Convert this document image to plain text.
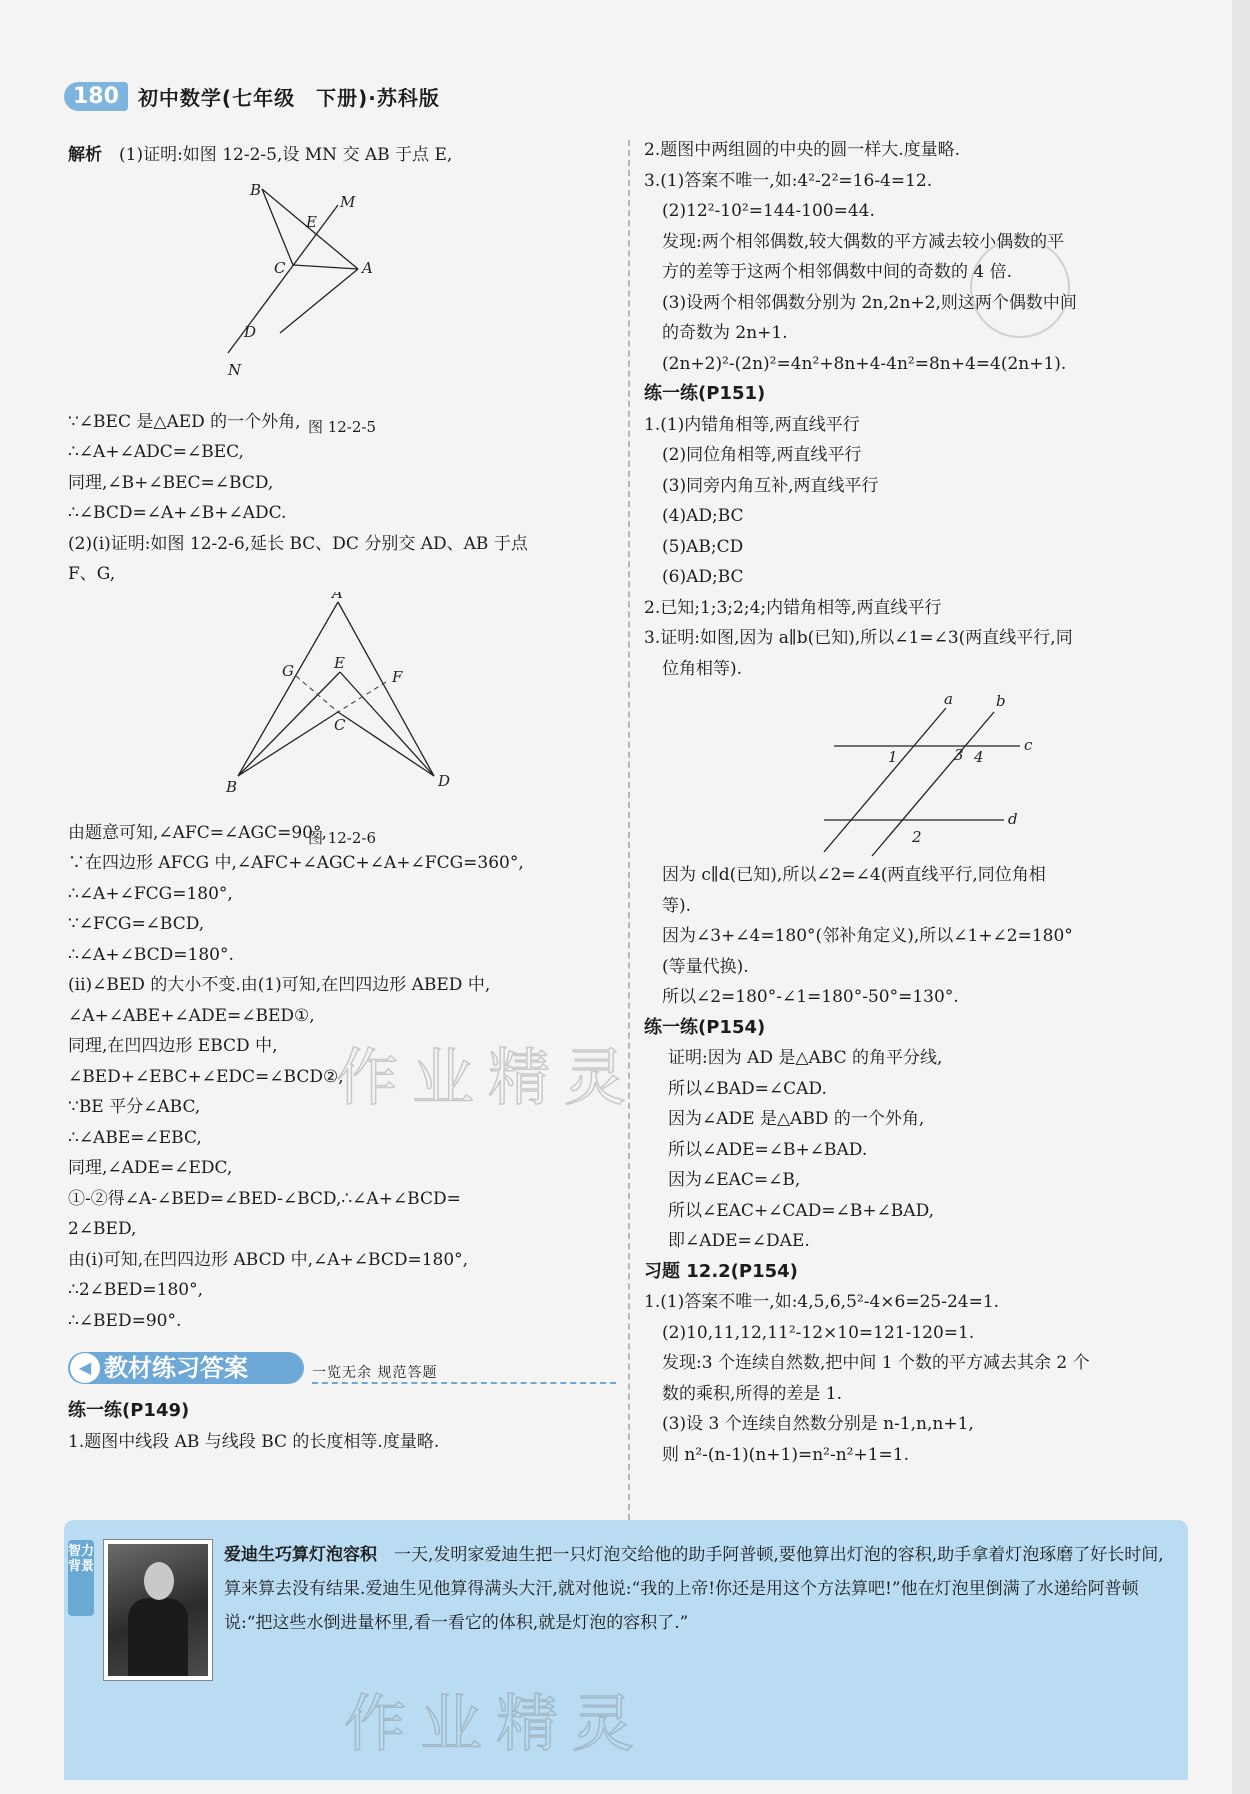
180 初中数学(七年级　下册)·苏科版
解析　 (1)证明:如图 12-2-5,设 MN 交 AB 于点 E,
B
E
M
C	A
D
N
图 12-2-5
∵∠BEC 是△AED 的一个外角,
∴∠A+∠ADC=∠BEC,
同理,∠B+∠BEC=∠BCD,
∴∠BCD=∠A+∠B+∠ADC.
(2)(i)证明:如图 12-2-6,延长 BC、DC 分别交 AD、AB 于点
F、G,
A
G	E
F
C
B	D
图 12-2-6
由题意可知,∠AFC=∠AGC=90°,
∵在四边形 AFCG 中,∠AFC+∠AGC+∠A+∠FCG=360°,
∴∠A+∠FCG=180°,
∵∠FCG=∠BCD,
∴∠A+∠BCD=180°.
(ii)∠BED 的大小不变.由(1)可知,在凹四边形 ABED 中,
∠A+∠ABE+∠ADE=∠BED①,
同理,在凹四边形 EBCD 中,
∠BED+∠EBC+∠EDC=∠BCD②,
∵BE 平分∠ABC,
∴∠ABE=∠EBC,
同理,∠ADE=∠EDC,
①-②得∠A-∠BED=∠BED-∠BCD,∴∠A+∠BCD=
2∠BED,
由(i)可知,在凹四边形 ABCD 中,∠A+∠BCD=180°,
∴2∠BED=180°,
∴∠BED=90°.
◀ 教材练习答案	一览无余 规范答题
练一练(P149)
1.题图中线段 AB 与线段 BC 的长度相等.度量略.
2.题图中两组圆的中央的圆一样大.度量略.
3.(1)答案不唯一,如:4²-2²=16-4=12.
(2)12²-10²=144-100=44.
发现:两个相邻偶数,较大偶数的平方减去较小偶数的平
方的差等于这两个相邻偶数中间的奇数的 4 倍.
(3)设两个相邻偶数分别为 2n,2n+2,则这两个偶数中间
的奇数为 2n+1.
(2n+2)²-(2n)²=4n²+8n+4-4n²=8n+4=4(2n+1).
练一练(P151)
1.(1)内错角相等,两直线平行
(2)同位角相等,两直线平行
(3)同旁内角互补,两直线平行
(4)AD;BC
(5)AB;CD
(6)AD;BC
2.已知;1;3;2;4;内错角相等,两直线平行
3.证明:如图,因为 a∥b(已知),所以∠1=∠3(两直线平行,同
位角相等).
a	b
c
d
1	3 4
2
因为 c∥d(已知),所以∠2=∠4(两直线平行,同位角相
等).
因为∠3+∠4=180°(邻补角定义),所以∠1+∠2=180°
(等量代换).
所以∠2=180°-∠1=180°-50°=130°.
练一练(P154)
证明:因为 AD 是△ABC 的角平分线,
所以∠BAD=∠CAD.
因为∠ADE 是△ABD 的一个外角,
所以∠ADE=∠B+∠BAD.
因为∠EAC=∠B,
所以∠EAC+∠CAD=∠B+∠BAD,
即∠ADE=∠DAE.
习题 12.2(P154)
1.(1)答案不唯一,如:4,5,6,5²-4×6=25-24=1.
(2)10,11,12,11²-12×10=121-120=1.
发现:3 个连续自然数,把中间 1 个数的平方减去其余 2 个
数的乘积,所得的差是 1.
(3)设 3 个连续自然数分别是 n-1,n,n+1,
则 n²-(n-1)(n+1)=n²-n²+1=1.
作业精灵
智力背景
爱迪生巧算灯泡容积　 一天,发明家爱迪生把一只灯泡交给他的助手阿普顿,要他算出灯泡的容积,助手拿着灯泡琢磨了好长时间,算来算去没有结果.爱迪生见他算得满头大汗,就对他说:“我的上帝!你还是用这个方法算吧!”他在灯泡里倒满了水递给阿普顿说:“把这些水倒进量杯里,看一看它的体积,就是灯泡的容积了.”
作业精灵
